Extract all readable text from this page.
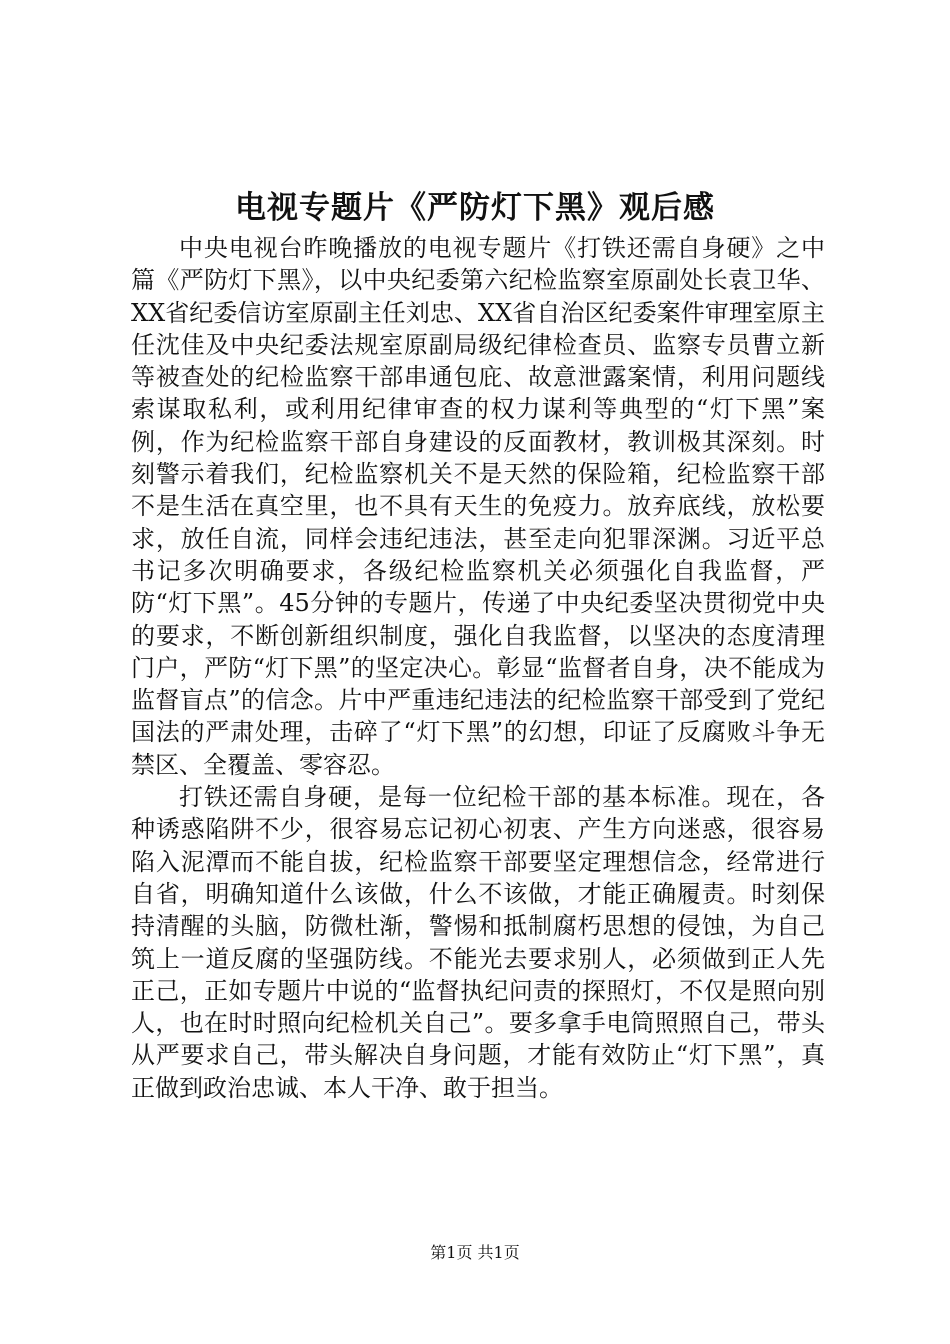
电视专题片《严防灯下黑》观后感

中央电视台昨晚播放的电视专题片《打铁还需自身硬》之中篇《严防灯下黑》，以中央纪委第六纪检监察室原副处长袁卫华、XX省纪委信访室原副主任刘忠、XX省自治区纪委案件审理室原主任沈佳及中央纪委法规室原副局级纪律检查员、监察专员曹立新等被查处的纪检监察干部串通包庇、故意泄露案情，利用问题线索谋取私利，或利用纪律审查的权力谋利等典型的“灯下黑”案例，作为纪检监察干部自身建设的反面教材，教训极其深刻。时刻警示着我们，纪检监察机关不是天然的保险箱，纪检监察干部不是生活在真空里，也不具有天生的免疫力。放弃底线，放松要求，放任自流，同样会违纪违法，甚至走向犯罪深渊。习近平总书记多次明确要求，各级纪检监察机关必须强化自我监督，严防“灯下黑”。45分钟的专题片，传递了中央纪委坚决贯彻党中央的要求，不断创新组织制度，强化自我监督，以坚决的态度清理门户，严防“灯下黑”的坚定决心。彰显“监督者自身，决不能成为监督盲点”的信念。片中严重违纪违法的纪检监察干部受到了党纪国法的严肃处理，击碎了“灯下黑”的幻想，印证了反腐败斗争无禁区、全覆盖、零容忍。

打铁还需自身硬，是每一位纪检干部的基本标准。现在，各种诱惑陷阱不少，很容易忘记初心初衷、产生方向迷惑，很容易陷入泥潭而不能自拔，纪检监察干部要坚定理想信念，经常进行自省，明确知道什么该做，什么不该做，才能正确履责。时刻保持清醒的头脑，防微杜渐，警惕和抵制腐朽思想的侵蚀，为自己筑上一道反腐的坚强防线。不能光去要求别人，必须做到正人先正己，正如专题片中说的“监督执纪问责的探照灯，不仅是照向别人，也在时时照向纪检机关自己”。要多拿手电筒照照自己，带头从严要求自己，带头解决自身问题，才能有效防止“灯下黑”，真正做到政治忠诚、本人干净、敢于担当。

第1页 共1页
